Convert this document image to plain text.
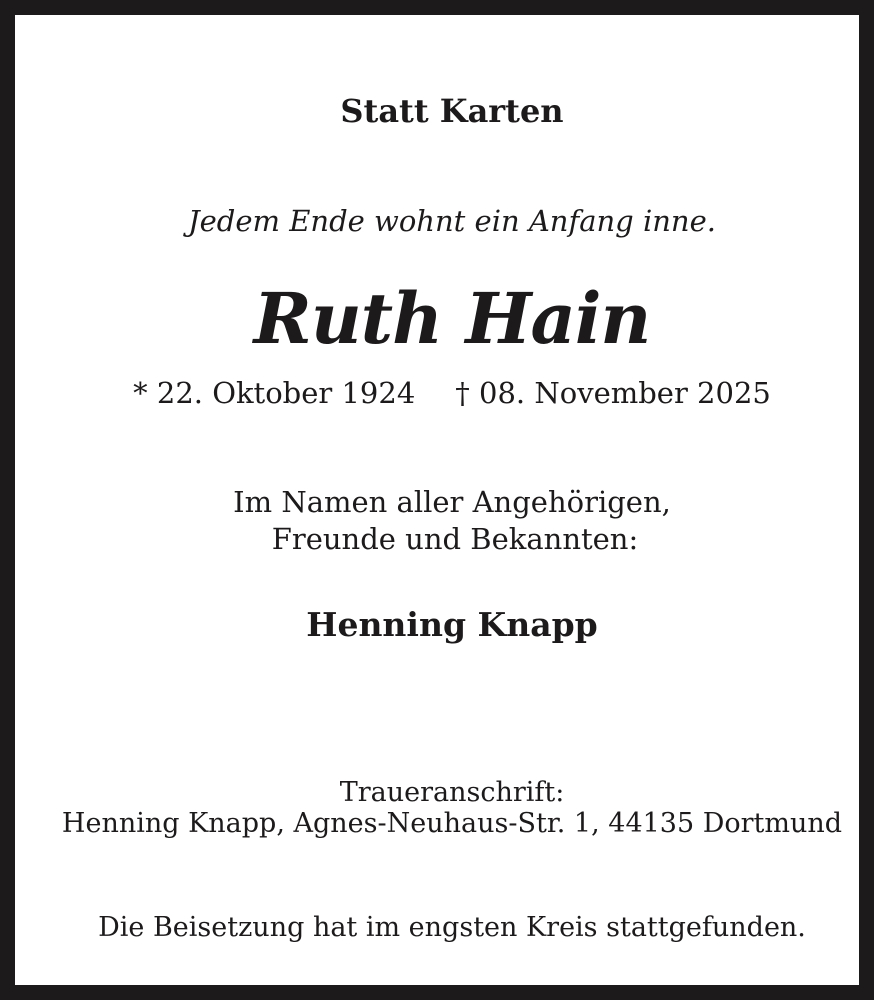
Statt Karten

Jedem Ende wohnt ein Anfang inne.

Ruth Hain

* 22. Oktober 1924 † 08. November 2025

Im Namen aller Angehörigen,

Freunde und Bekannten:

Henning Knapp

Traueranschrift:

Henning Knapp, Agnes-Neuhaus-Str. 1, 44135 Dortmund

Die Beisetzung hat im engsten Kreis stattgefunden.
